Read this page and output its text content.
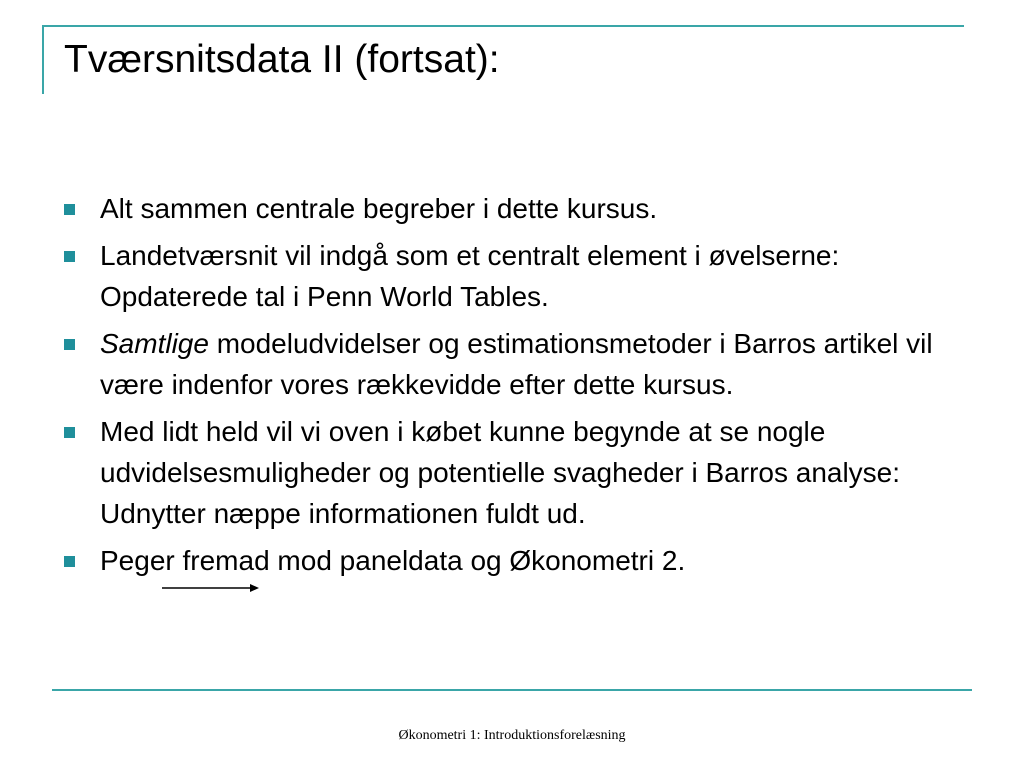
Tværsnitsdata II (fortsat):
Alt sammen centrale begreber i dette kursus.
Landetværsnit vil indgå som et centralt element i øvelserne: Opdaterede tal i Penn World Tables.
Samtlige modeludvidelser og estimationsmetoder i Barros artikel vil være indenfor vores rækkevidde efter dette kursus.
Med lidt held vil vi oven i købet kunne begynde at se nogle udvidelsesmuligheder og potentielle svagheder i Barros analyse: Udnytter næppe informationen fuldt ud.
Peger fremad mod paneldata og Økonometri 2.
Økonometri 1: Introduktionsforelæsning
